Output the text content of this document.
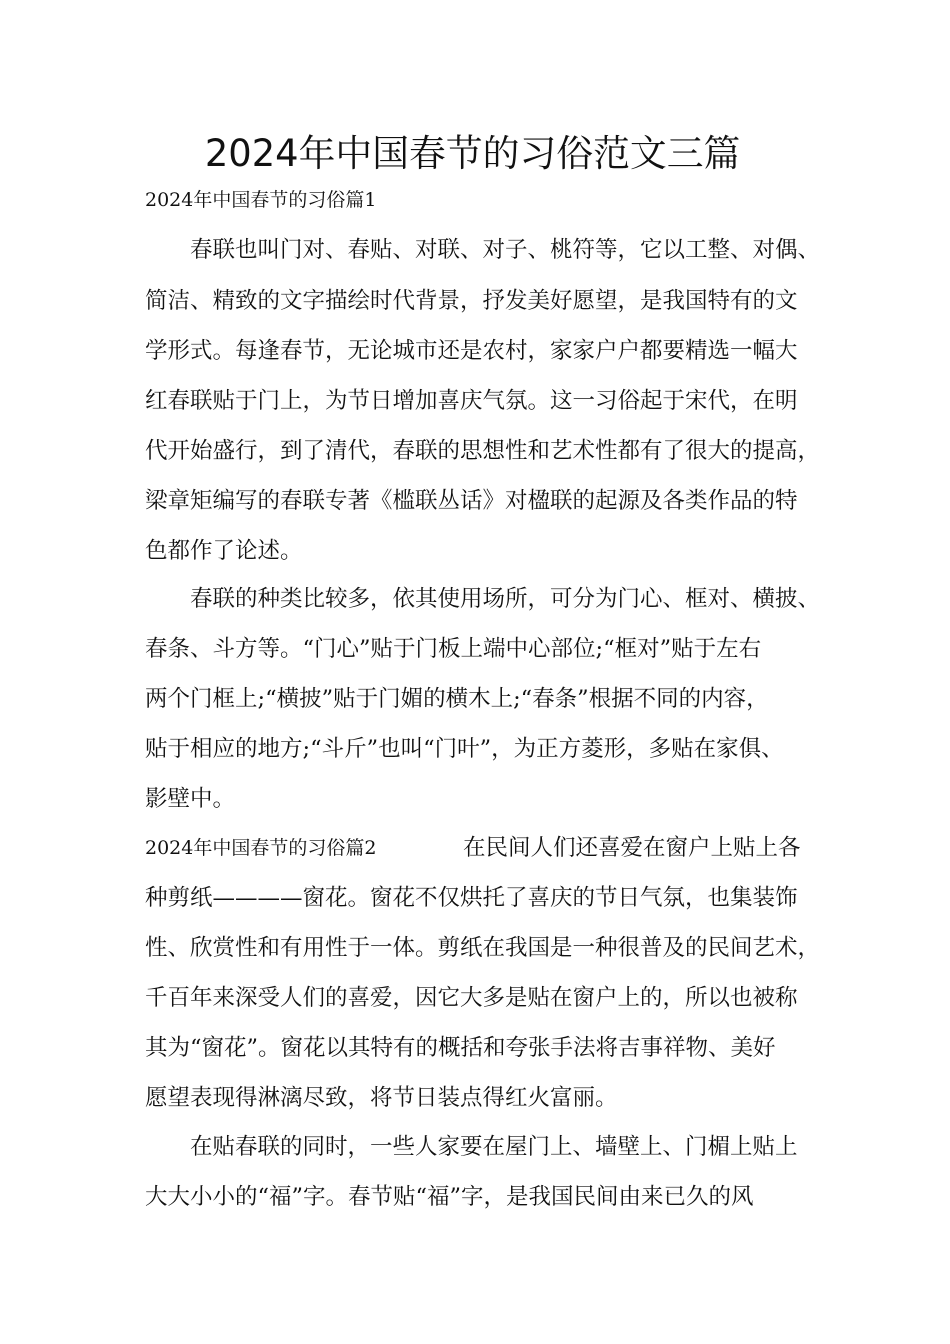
2024年中国春节的习俗范文三篇
2024年中国春节的习俗篇1
春联也叫门对、春贴、对联、对子、桃符等，它以工整、对偶、
简洁、精致的文字描绘时代背景，抒发美好愿望，是我国特有的文
学形式。每逢春节，无论城市还是农村，家家户户都要精选一幅大
红春联贴于门上，为节日增加喜庆气氛。这一习俗起于宋代，在明
代开始盛行，到了清代，春联的思想性和艺术性都有了很大的提高，
梁章矩编写的春联专著《槛联丛话》对楹联的起源及各类作品的特
色都作了论述。
春联的种类比较多，依其使用场所，可分为门心、框对、横披、
春条、斗方等。“门心”贴于门板上端中心部位;“框对”贴于左右
两个门框上;“横披”贴于门媚的横木上;“春条”根据不同的内容，
贴于相应的地方;“斗斤”也叫“门叶”，为正方菱形，多贴在家俱、
影壁中。
2024年中国春节的习俗篇2	在民间人们还喜爱在窗户上贴上各
种剪纸————窗花。窗花不仅烘托了喜庆的节日气氛，也集装饰
性、欣赏性和有用性于一体。剪纸在我国是一种很普及的民间艺术，
千百年来深受人们的喜爱，因它大多是贴在窗户上的，所以也被称
其为“窗花”。窗花以其特有的概括和夸张手法将吉事祥物、美好
愿望表现得淋漓尽致，将节日装点得红火富丽。
在贴春联的同时，一些人家要在屋门上、墙壁上、门楣上贴上
大大小小的“福”字。春节贴“福”字，是我国民间由来已久的风
